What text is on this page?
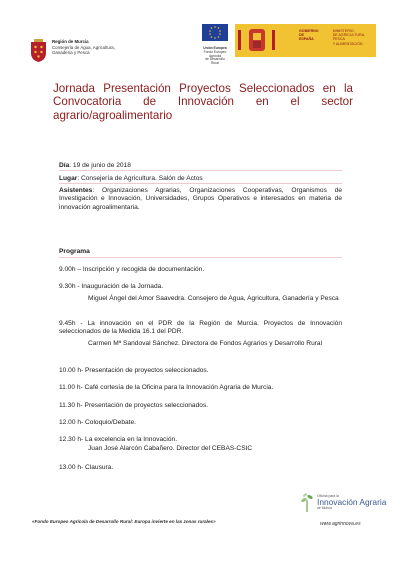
Región de Murcia
Consejería de Agua, Agricultura,
Ganadería y Pesca
Unión Europea
Fondo Europeo Agrícola
de Desarrollo Rural
GOBIERNO
DE ESPAÑA
MINISTERIO
DE AGRICULTURA, PESCA
Y ALIMENTACIÓN
Jornada Presentación Proyectos Seleccionados en la Convocatoria de Innovación en el sector agrario/agroalimentario
Día: 19 de junio de 2018
Lugar: Consejería de Agricultura. Salón de Actos
Asistentes: Organizaciones Agrarias, Organizaciones Cooperativas, Organismos de Investigación e Innovación, Universidades, Grupos Operativos e interesados en materia de innovación agroalimentaria.
Programa
9.00h – Inscripción y recogida de documentación.
9.30h - Inauguración de la Jornada.
Miguel Ángel del Amor Saavedra. Consejero de Agua, Agricultura, Ganadería y Pesca
9.45h - La innovación en el PDR de la Región de Murcia. Proyectos de Innovación seleccionados de la Medida 16.1 del PDR.
Carmen Mª Sandoval Sánchez. Directora de Fondos Agrarios y Desarrollo Rural
10.00 h- Presentación de proyectos seleccionados.
11.00 h- Café cortesía de la Oficina para la Innovación Agraria de Murcia.
11.30 h- Presentación de proyectos seleccionados.
12.00 h- Coloquio/Debate.
12.30 h- La excelencia en la Innovación.
Juan José Alarcón Cabañero. Director del CEBAS-CSIC
13.00 h- Clausura.
Oficina para la
Innovación Agraria
de Murcia
«Fondo Europeo Agrícola de Desarrollo Rural: Europa invierte en las zonas rurales»	www.agrinnova.es
